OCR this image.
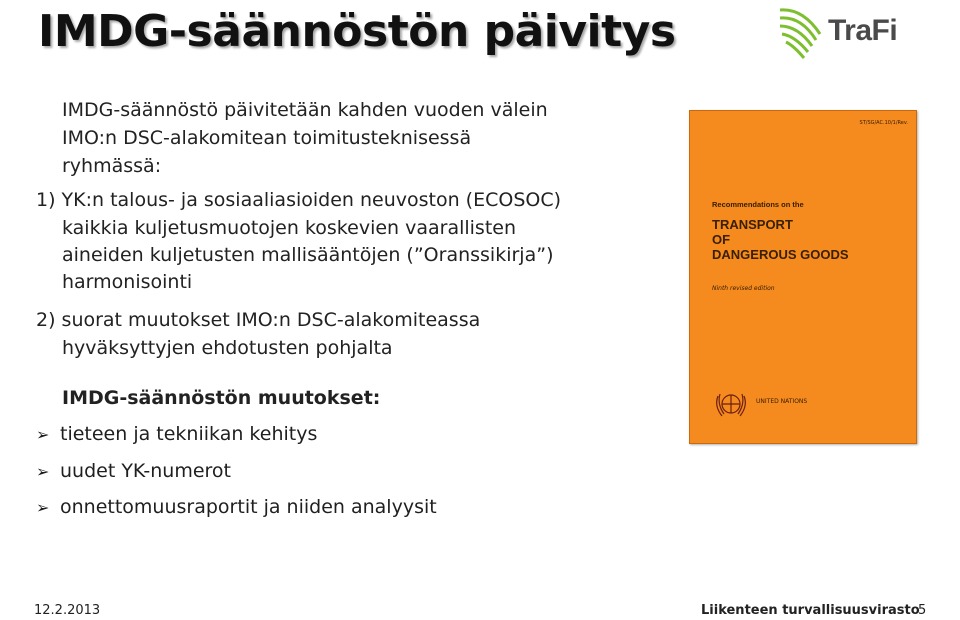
IMDG-säännöstön päivitys	TraFi
IMDG-säännöstö päivitetään kahden vuoden välein
IMO:n DSC-alakomitean toimitusteknisessä
ryhmässä:
1) YK:n talous- ja sosiaaliasioiden neuvoston (ECOSOC)
kaikkia kuljetusmuotojen koskevien vaarallisten
aineiden kuljetusten mallisääntöjen (”Oranssikirja”)
harmonisointi
2) suorat muutokset IMO:n DSC-alakomiteassa
hyväksyttyjen ehdotusten pohjalta
IMDG-säännöstön muutokset:
➢ tieteen ja tekniikan kehitys
➢ uudet YK-numerot
➢ onnettomuusraportit ja niiden analyysit
ST/SG/AC.10/1/Rev.
Recommendations on the
TRANSPORT
OF
DANGEROUS GOODS
Ninth revised edition
UNITED NATIONS
12.2.2013	Liikenteen turvallisuusvirasto
5
